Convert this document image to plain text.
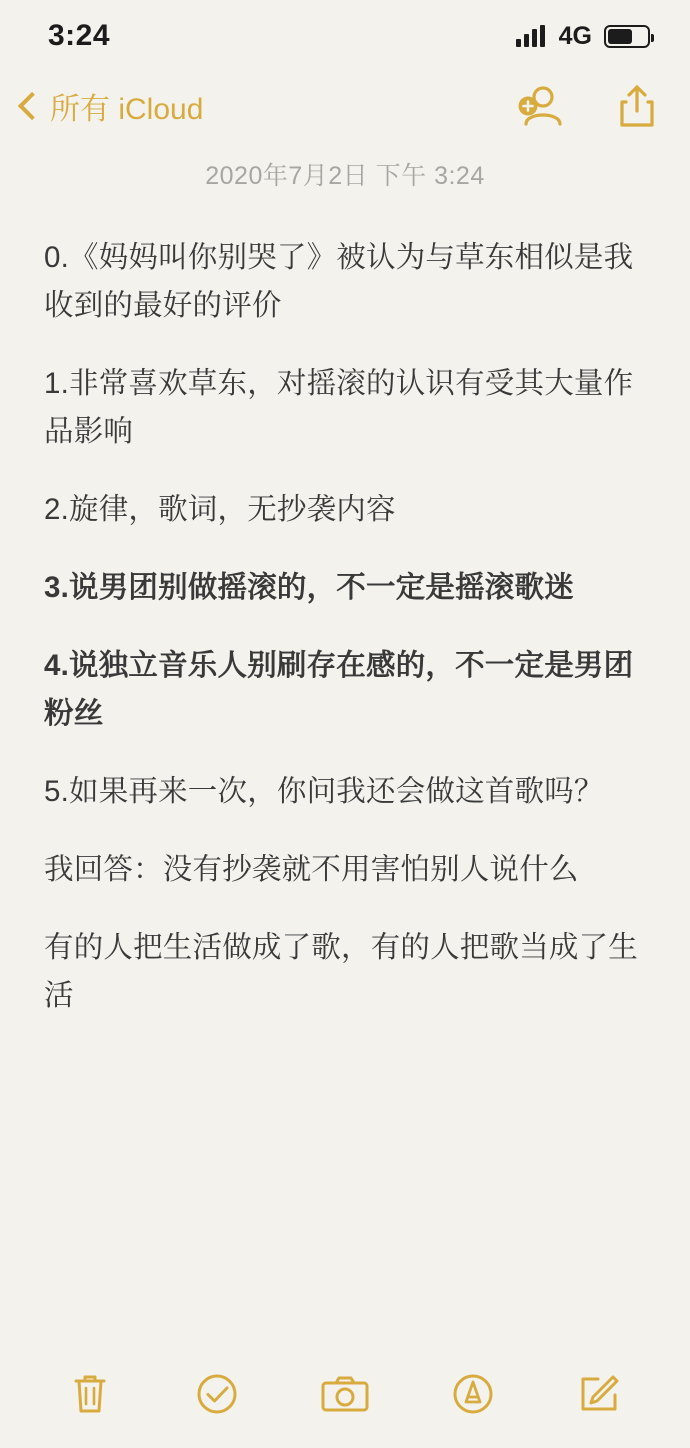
3:24	4G
所有 iCloud
2020年7月2日 下午 3:24

0.《妈妈叫你别哭了》被认为与草东相似是我收到的最好的评价

1.非常喜欢草东，对摇滚的认识有受其大量作品影响

2.旋律，歌词，无抄袭内容

3.说男团别做摇滚的，不一定是摇滚歌迷

4.说独立音乐人别刷存在感的，不一定是男团粉丝

5.如果再来一次，你问我还会做这首歌吗？

我回答：没有抄袭就不用害怕别人说什么

有的人把生活做成了歌，有的人把歌当成了生活
